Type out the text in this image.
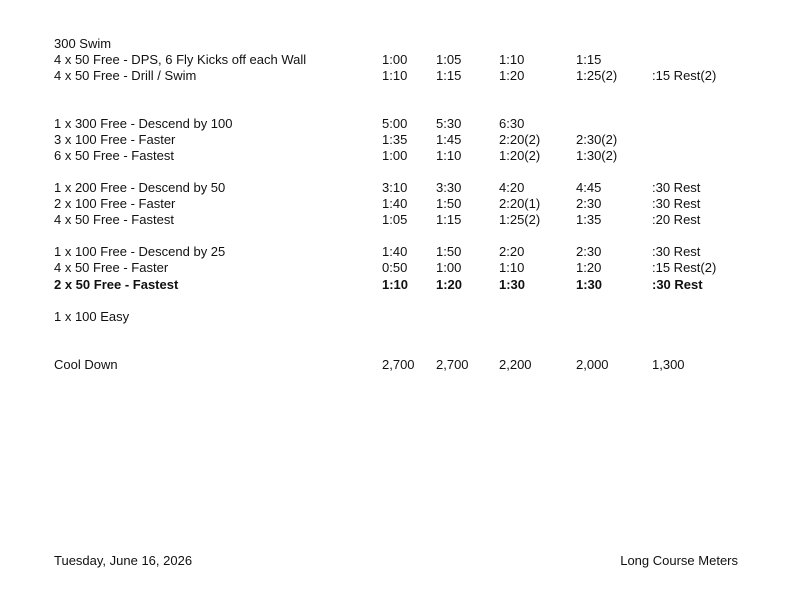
300 Swim
4 x 50 Free - DPS, 6 Fly Kicks off each Wall	1:00 1:05	1:10	1:15
4 x 50 Free - Drill / Swim	1:10 1:15	1:20	1:25(2)	:15 Rest(2)
1 x 300 Free - Descend by 100	5:00 5:30	6:30
3 x 100 Free - Faster	1:35 1:45	2:20(2)	2:30(2)
6 x 50 Free - Fastest	1:00 1:10	1:20(2)	1:30(2)
1 x 200 Free - Descend by 50	3:10 3:30	4:20	4:45	:30 Rest
2 x 100 Free - Faster	1:40 1:50	2:20(1)	2:30	:30 Rest
4 x 50 Free - Fastest	1:05 1:15	1:25(2)	1:35	:20 Rest
1 x 100 Free - Descend by 25	1:40 1:50	2:20	2:30	:30 Rest
4 x 50 Free - Faster	0:50 1:00	1:10	1:20	:15 Rest(2)
2 x 50 Free - Fastest	1:10 1:20	1:30	1:30	:30 Rest
1 x 100 Easy
Cool Down	2,700 2,700 2,200	2,000	1,300
Tuesday, June 16, 2026	Long Course Meters
